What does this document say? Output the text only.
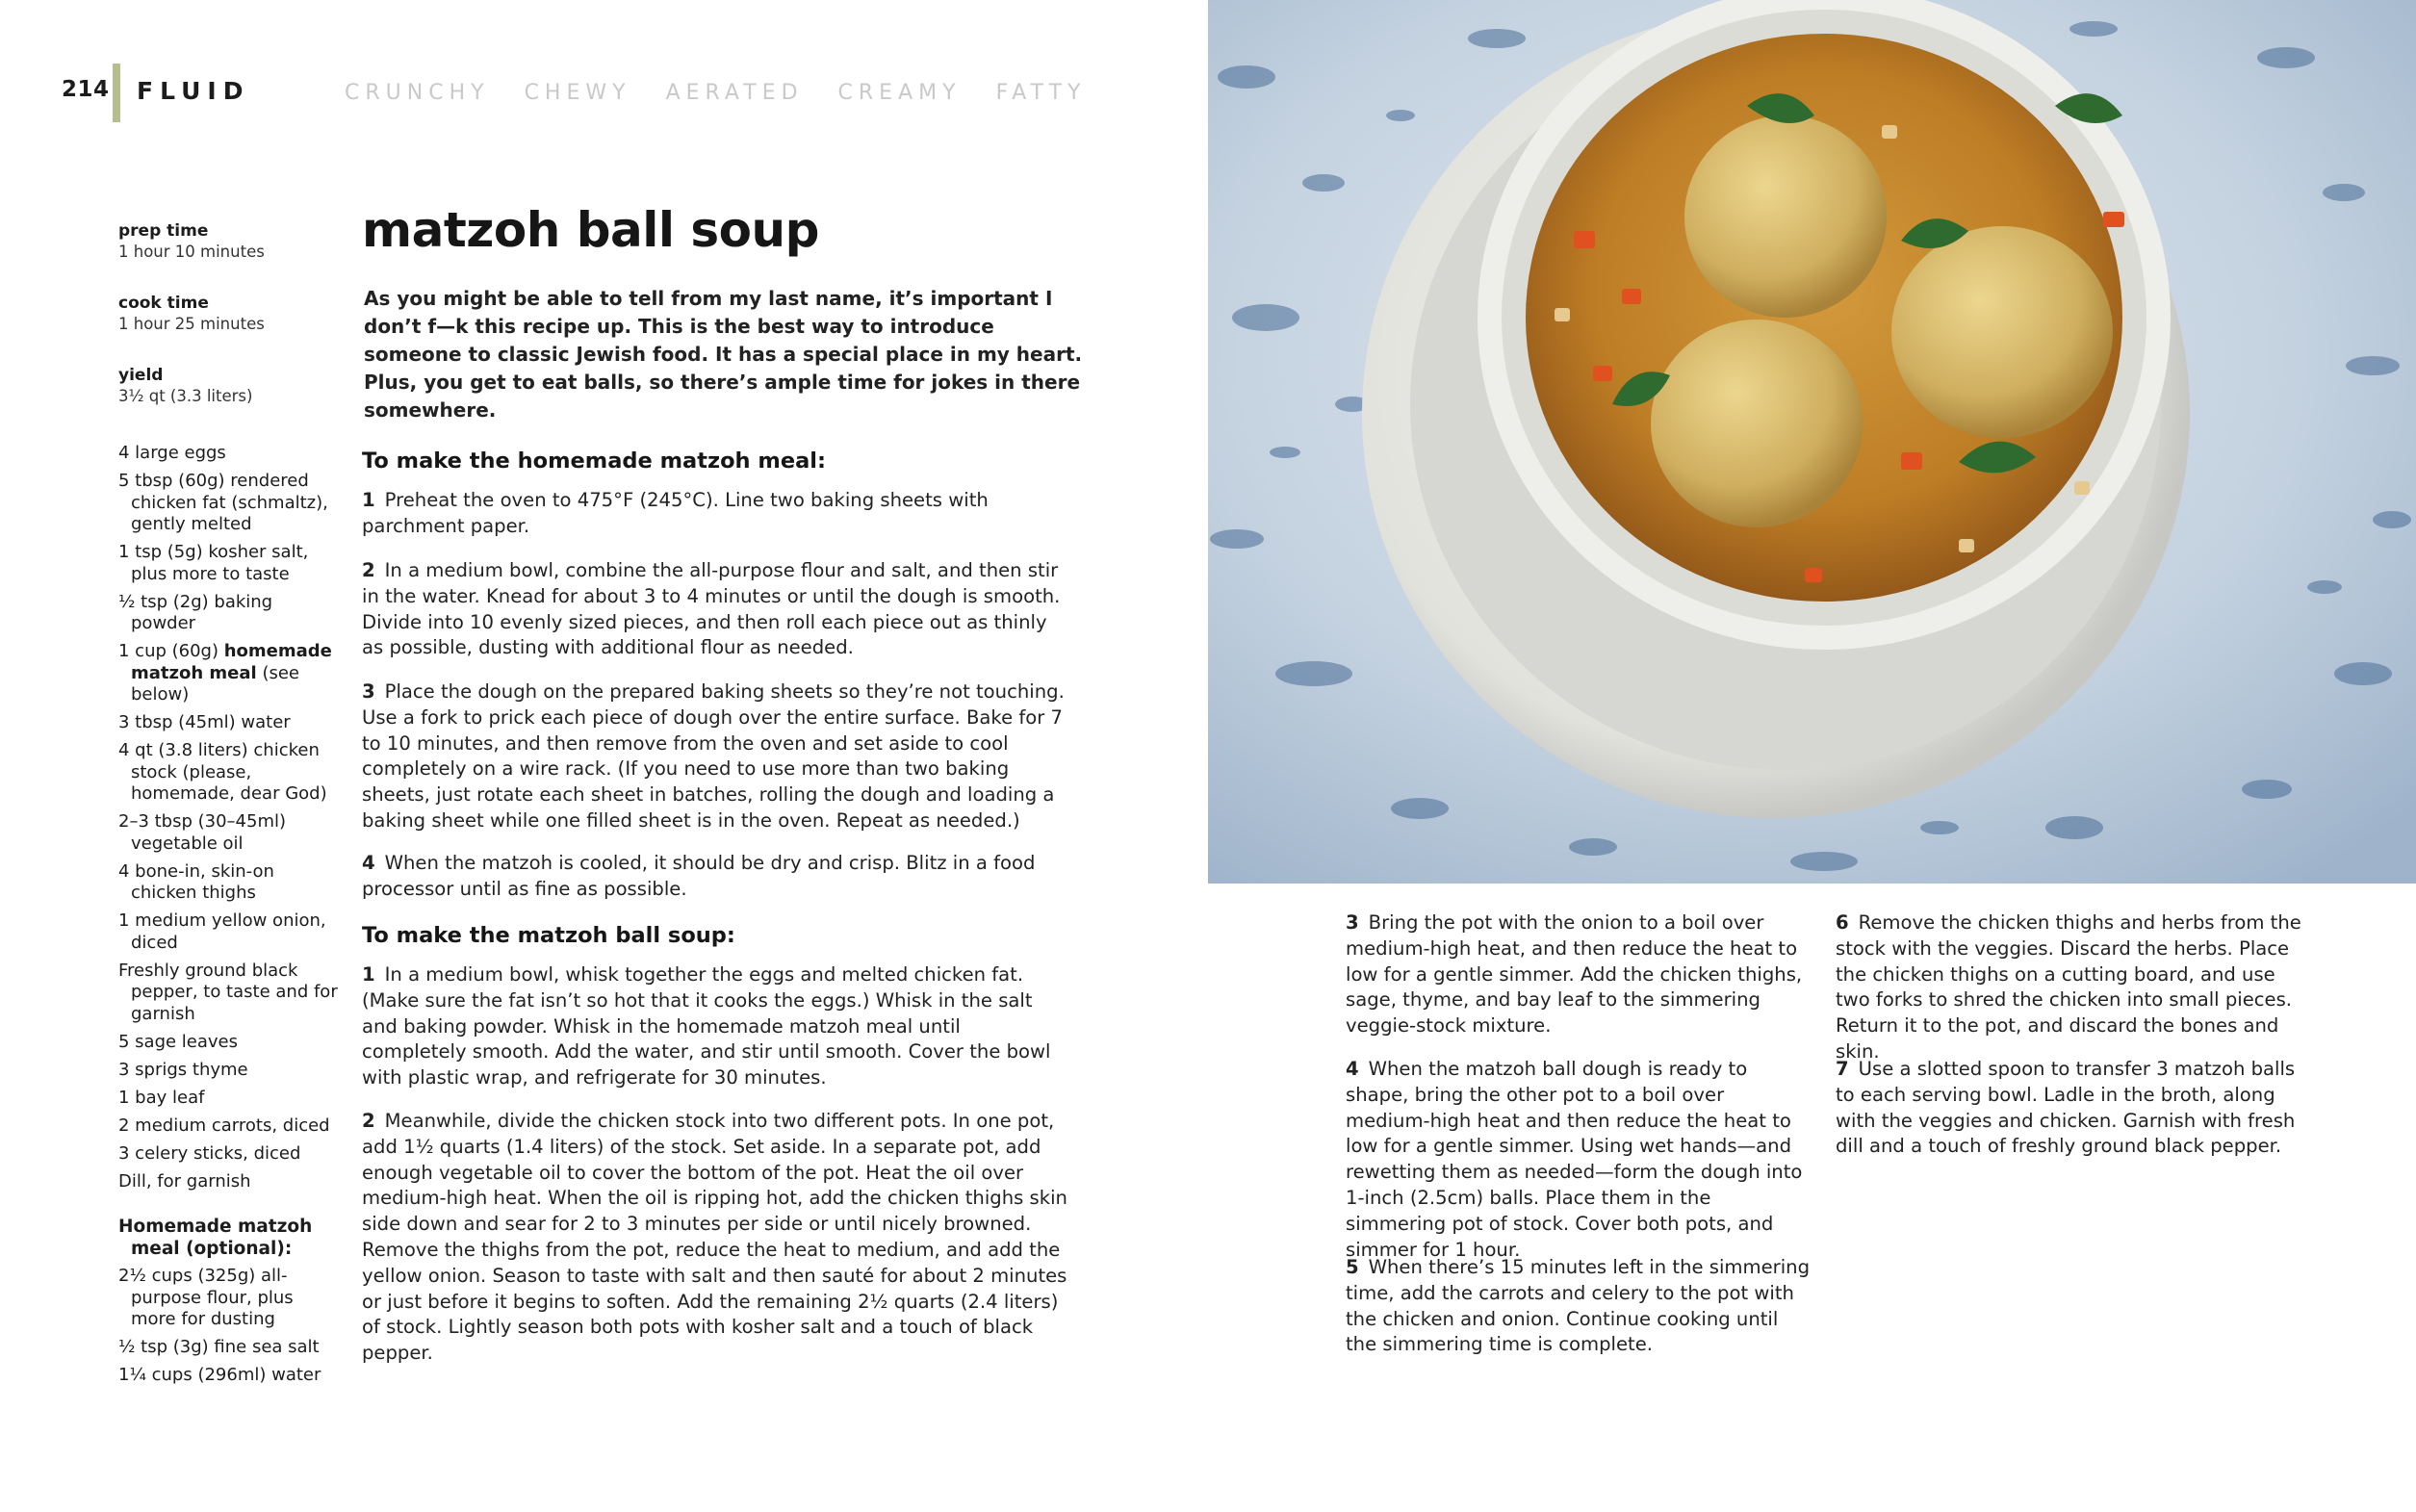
214 FLUID	CRUNCHY CHEWY AERATED CREAMY FATTY
prep time
1 hour 10 minutes
cook time
1 hour 25 minutes
yield
3½ qt (3.3 liters)
4 large eggs
5 tbsp (60g) rendered chicken fat (schmaltz), gently melted
1 tsp (5g) kosher salt, plus more to taste
½ tsp (2g) baking powder
1 cup (60g) homemade matzoh meal (see below)
3 tbsp (45ml) water
4 qt (3.8 liters) chicken stock (please, homemade, dear God)
2–3 tbsp (30–45ml) vegetable oil
4 bone-in, skin-on chicken thighs
1 medium yellow onion, diced
Freshly ground black pepper, to taste and for garnish
5 sage leaves
3 sprigs thyme
1 bay leaf
2 medium carrots, diced
3 celery sticks, diced
Dill, for garnish
Homemade matzoh meal (optional):
2½ cups (325g) all-purpose flour, plus more for dusting
½ tsp (3g) fine sea salt
1¼ cups (296ml) water
matzoh ball soup
As you might be able to tell from my last name, it’s important I don’t f—k this recipe up. This is the best way to introduce someone to classic Jewish food. It has a special place in my heart. Plus, you get to eat balls, so there’s ample time for jokes in there somewhere.
To make the homemade matzoh meal:
1 Preheat the oven to 475°F (245°C). Line two baking sheets with parchment paper.
2 In a medium bowl, combine the all-purpose flour and salt, and then stir in the water. Knead for about 3 to 4 minutes or until the dough is smooth. Divide into 10 evenly sized pieces, and then roll each piece out as thinly as possible, dusting with additional flour as needed.
3 Place the dough on the prepared baking sheets so they’re not touching. Use a fork to prick each piece of dough over the entire surface. Bake for 7 to 10 minutes, and then remove from the oven and set aside to cool completely on a wire rack. (If you need to use more than two baking sheets, just rotate each sheet in batches, rolling the dough and loading a baking sheet while one filled sheet is in the oven. Repeat as needed.)
4 When the matzoh is cooled, it should be dry and crisp. Blitz in a food processor until as fine as possible.
To make the matzoh ball soup:
1 In a medium bowl, whisk together the eggs and melted chicken fat. (Make sure the fat isn’t so hot that it cooks the eggs.) Whisk in the salt and baking powder. Whisk in the homemade matzoh meal until completely smooth. Add the water, and stir until smooth. Cover the bowl with plastic wrap, and refrigerate for 30 minutes.
2 Meanwhile, divide the chicken stock into two different pots. In one pot, add 1½ quarts (1.4 liters) of the stock. Set aside. In a separate pot, add enough vegetable oil to cover the bottom of the pot. Heat the oil over medium-high heat. When the oil is ripping hot, add the chicken thighs skin side down and sear for 2 to 3 minutes per side or until nicely browned. Remove the thighs from the pot, reduce the heat to medium, and add the yellow onion. Season to taste with salt and then sauté for about 2 minutes or just before it begins to soften. Add the remaining 2½ quarts (2.4 liters) of stock. Lightly season both pots with kosher salt and a touch of black pepper.
3 Bring the pot with the onion to a boil over medium-high heat, and then reduce the heat to low for a gentle simmer. Add the chicken thighs, sage, thyme, and bay leaf to the simmering veggie-stock mixture.
4 When the matzoh ball dough is ready to shape, bring the other pot to a boil over medium-high heat and then reduce the heat to low for a gentle simmer. Using wet hands—and rewetting them as needed—form the dough into 1-inch (2.5cm) balls. Place them in the simmering pot of stock. Cover both pots, and simmer for 1 hour.
5 When there’s 15 minutes left in the simmering time, add the carrots and celery to the pot with the chicken and onion. Continue cooking until the simmering time is complete.
6 Remove the chicken thighs and herbs from the stock with the veggies. Discard the herbs. Place the chicken thighs on a cutting board, and use two forks to shred the chicken into small pieces. Return it to the pot, and discard the bones and skin.
7 Use a slotted spoon to transfer 3 matzoh balls to each serving bowl. Ladle in the broth, along with the veggies and chicken. Garnish with fresh dill and a touch of freshly ground black pepper.
